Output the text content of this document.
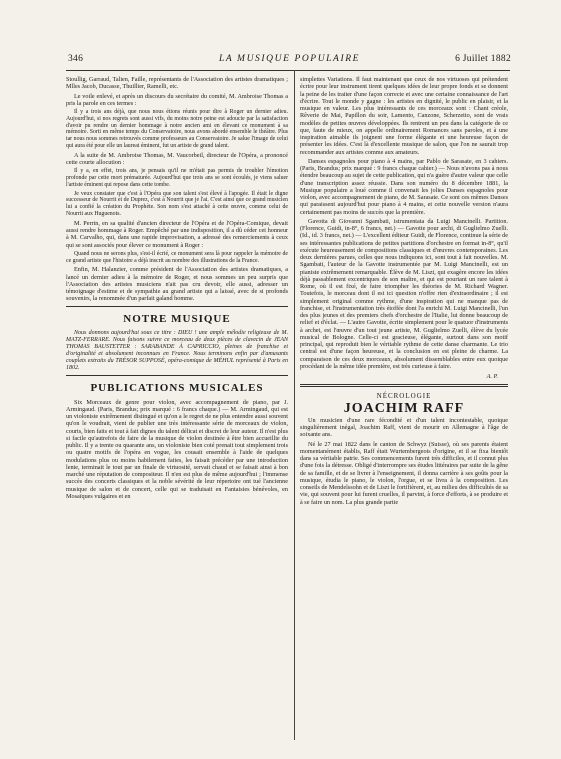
346	LA MUSIQUE POPULAIRE	6 Juillet 1882

Stoullig, Garraud, Talien, Faille, représentants de l'Association des artistes dramatiques ; Mlles Jacob, Ducasse, Thuillier, Ramelli, etc.

Le voile enlevé, et après un discours du secrétaire du comité, M. Ambroise Thomas a pris la parole en ces termes :

Il y a trois ans déjà, que nous nous étions réunis pour dire à Roger un dernier adieu. Aujourd'hui, si nos regrets sont aussi vifs, du moins notre peine est adoucie par la satisfaction d'avoir pu rendre un dernier hommage à notre ancien ami en élevant ce monument à sa mémoire. Sorti en même temps du Conservatoire, nous avons abordé ensemble le théâtre. Plus tar nous nous sommes retrouvés comme professeurs au Conservatoire. Je salue l'image de celui qui aura été pour elle un laureat éminent, fut un artiste de grand talent.

A la suite de M. Ambroise Thomas, M. Vaucorbeil, directeur de l'Opéra, a prononcé cette courte allocution :

Il y a, en effet, trois ans, je pensais qu'il ne m'était pas permis de troubler l'émotion profonde par cette mort prématurée. Aujourd'hui que trois ans se sont écoulés, je viens saluer l'artiste éminent qui repose dans cette tombe.

Je veux constater que c'est à l'Opéra que son talent s'est élevé à l'apogée. Il était le digne successeur de Nourrit et de Duprez, c'est à Nourrit que je l'ai. C'est ainsi que ce grand musicien lui a confié la création du Prophète. Son nom s'est attaché à cette œuvre, comme celui de Nourrit aux Huguenots.

M. Perrin, en sa qualité d'ancien directeur de l'Opéra et de l'Opéra-Comique, devait aussi rendre hommage à Roger. Empêché par une indisposition, il a dû céder cet honneur à M. Carvalho, qui, dans une rapide improvisation, a adressé des remerciements à ceux qui se sont associés pour élever ce monument à Roger :

Quand nous ne serons plus, s'est-il écrié, ce monument sera là pour rappeler la mémoire de ce grand artiste que l'histoire a déjà inscrit au nombre des illustrations de la France.

Enfin, M. Halanzier, comme président de l'Association des artistes dramatiques, a lancé un dernier adieu à la mémoire de Roger, et nous sommes un peu surpris que l'Association des artistes musiciens n'ait pas cru devoir, elle aussi, adresser un témoignage d'estime et de sympathie au grand artiste qui a laissé, avec de si profonds souvenirs, la renommée d'un parfait galand homme.

NOTRE MUSIQUE

Nous donnons aujourd'hui sous ce titre : DIEU ! une ample mélodie religieuse de M. MATZ-FERRARE. Nous faisons suivre ce morceau de deux pièces de clavecin de JEAN THOMAS BAUSTETTER : SARABANDE À CAPRICCIO, pleines de franchise et d'originalité et absolument inconnues en France. Nous terminons enfin par d'amusants couplets extraits du TRÉSOR SUPPOSÉ, opéra-comique de MÉHUL représenté à Paris en 1802.

PUBLICATIONS MUSICALES

Six Morceaux de genre pour violon, avec accompagnement de piano, par J. Armingaud. (Paris, Brandus; prix marqué : 6 francs chaque.) — M. Armingaud, qui est un violoniste extrêmement distingué et qu'on a le regret de ne plus entendre aussi souvent qu'on le voudrait, vient de publier une très intéressante série de morceaux de violon, courts, bien faits et tout à fait dignes du talent délicat et discret de leur auteur. Il n'est plus si facile qu'autrefois de faire de la musique de violon destinée à être bien accueillie du public. Il y a trente ou quarante ans, un violoniste bien coté prenait tout simplement trois ou quatre motifs de l'opéra en vogue, les cousait ensemble à l'aide de quelques modulations plus ou moins habilement faites, les faisait précéder par une introduction lente, terminait le tout par un finale de virtuosité, servait chaud et se faisait ainsi à bon marché une réputation de compositeur. Il n'en est plus de même aujourd'hui ; l'immense succès des concerts classiques et la noble sévérité de leur répertoire ont tué l'ancienne musique de salon et de concert, celle qui se traduisait en Fantaisies bénévoles, en Mosaïques vulgaires et en

simplettes Variations. Il faut maintenant que ceux de nos virtuoses qui prétendent écrire pour leur instrument tirent quelques idées de leur propre fonds et se donnent la peine de les traiter d'une façon correcte et avec une certaine connaissance de l'art d'écrire. Tout le monde y gagne : les artistes en dignité, le public en plaisir, et la musique en valeur. Les plus intéressants de ces morceaux sont : Chant créole, Rêverie de Mai, Papillon du soir, Lamento, Canzone, Scherzetto, sont de vrais modèles de petites œuvres développées. Ils rentrent un peu dans la catégorie de ce que, faute de mieux, on appelle ordinairement Romances sans paroles, et à une inspiration aimable ils joignent une forme élégante et une heureuse façon de présenter les idées. C'est là d'excellente musique de salon, que l'on ne saurait trop recommander aux artistes comme aux amateurs.

Danses espagnoles pour piano à 4 mains, par Pablo de Sarasate, en 3 cahiers. (Paris, Brandus; prix marqué : 9 francs chaque cahier.) — Nous n'avons pas à nous étendre beaucoup au sujet de cette publication, qui n'a guère d'autre valeur que celle d'une transcription assez réussie. Dans son numéro du 8 décembre 1881, la Musique populaire a loué comme il convenait les jolies Danses espagnoles pour violon, avec accompagnement de piano, de M. Sarasate. Ce sont ces mêmes Danses qui paraissent aujourd'hui pour piano à 4 mains, et cette nouvelle version n'aura certainement pas moins de succès que la première.

Gavotta di Giovanni Sgambati, istrumentata da Luigi Mancinelli. Partition. (Florence, Guidi, in-8°, 6 francs, net.) — Gavotte pour archi, di Guglielmo Zuelli. (Id., id. 3 francs, net.) — L'excellent éditeur Guidi, de Florence, continue la série de ses intéressantes publications de petites partitions d'orchestre en format in-8°, qu'il exécute heureusement de compositions classiques et d'œuvres contemporaines. Les deux dernières parues, celles que nous indiquons ici, sont tout à fait nouvelles. M. Sgambati, l'auteur de la Gavotte instrumentée par M. Luigi Mancinelli, est un pianiste extrêmement remarquable. Élève de M. Liszt, qui exagère encore les idées déjà passablement excentriques de son maître, et qui est pourtant un rare talent à Rome, où il est fixé, de faire triompher les théories de M. Richard Wagner. Toutefois, le morceau dont il est ici question n'offre rien d'extraordinaire ; il est simplement original comme rythme, d'une inspiration qui ne manque pas de franchise, et l'instrumentation très étoffée dont l'a enrichi M. Luigi Mancinelli, l'un des plus jeunes et des premiers chefs d'orchestre de l'Italie, lui donne beaucoup de relief et d'éclat. — L'autre Gavotte, écrite simplement pour le quatuor d'instruments à archet, est l'œuvre d'un tout jeune artiste, M. Guglielmo Zuelli, élève du lycée musical de Bologne. Celle-ci est gracieuse, élégante, surtout dans son motif principal, qui reproduit bien le véritable rythme de cette danse charmante. Le trio central est d'une façon heureuse, et la conclusion en est pleine de charme. La comparaison de ces deux morceaux, absolument dissemblables entre eux quoique procédant de la même idée première, est très curieuse à faire.

A. P.
NÉCROLOGIE
JOACHIM RAFF

Un musicien d'une rare fécondité et d'un talent incontestable, quoique singulièrement inégal, Joachim Raff, vient de mourir en Allemagne à l'âge de soixante ans.

Né le 27 mai 1822 dans le canton de Schwyz (Suisse), où ses parents étaient momentanément établis, Raff était Wurtembergeois d'origine, et il se fixa bientôt dans sa véritable patrie. Ses commencements furent très difficiles, et il connut plus d'une fois la détresse. Obligé d'interrompre ses études littéraires par suite de la gêne de sa famille, et de se livrer à l'enseignement, il donna carrière à ses goûts pour la musique, étudia le piano, le violon, l'orgue, et se livra à la composition. Les conseils de Mendelssohn et de Liszt le fortifièrent, et, au milieu des difficultés de sa vie, qui souvent pour lui furent cruelles, il parvint, à force d'efforts, à se produire et à se faire un nom. La plus grande partie
